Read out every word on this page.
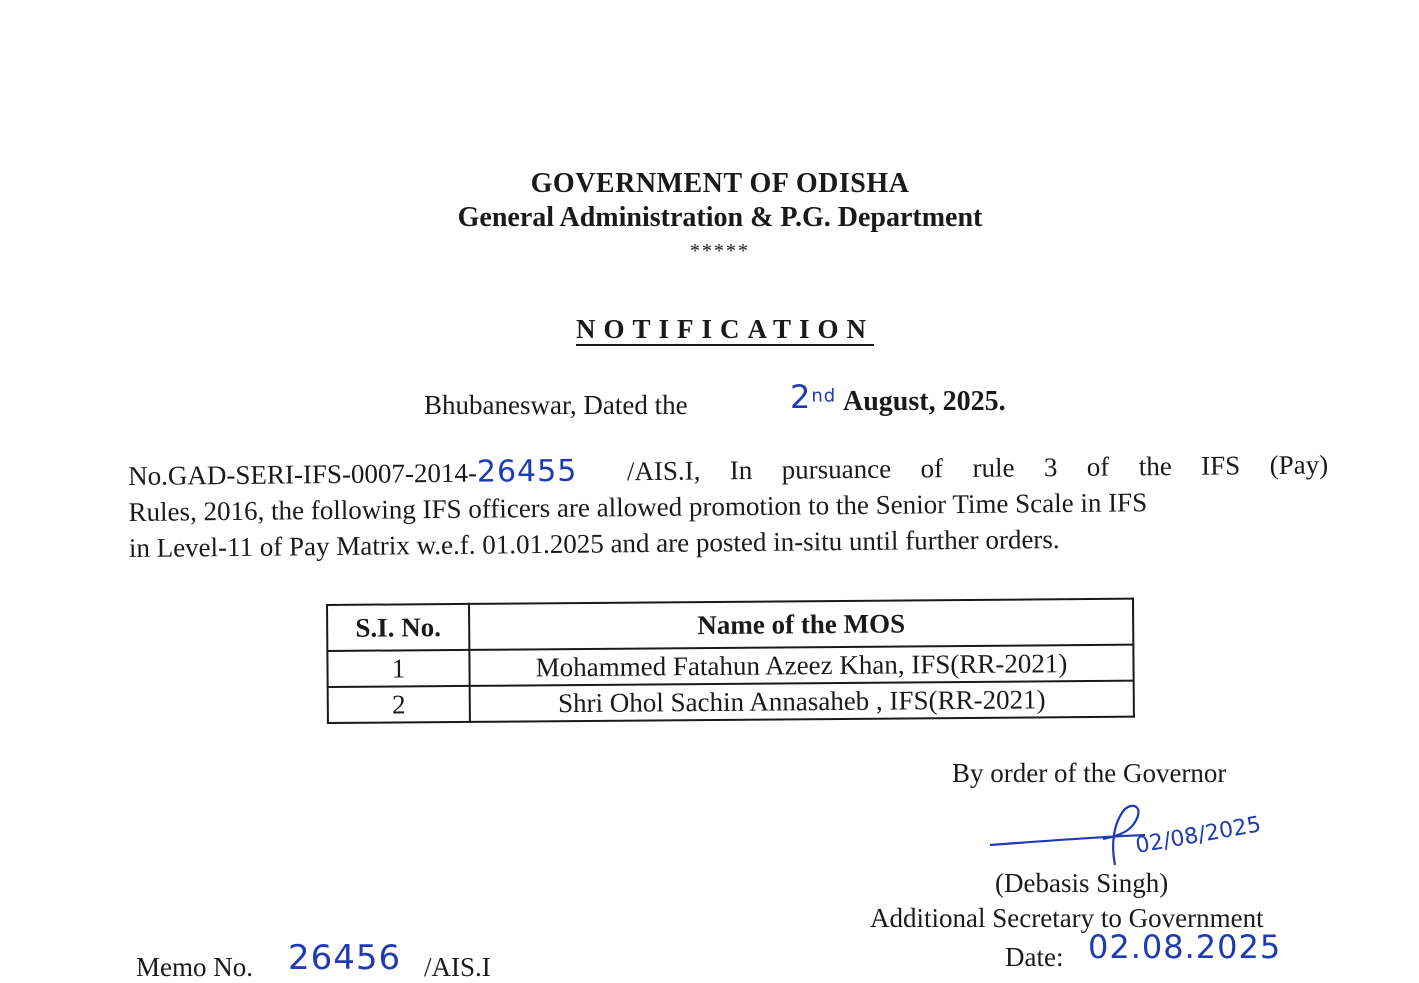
GOVERNMENT OF ODISHA
General Administration & P.G. Department
*****
NOTIFICATION
Bhubaneswar, Dated the	2nd August, 2025.
No.GAD-SERI-IFS-0007-2014-26455 /AIS.I, In pursuance of rule 3 of the IFS (Pay)
Rules, 2016, the following IFS officers are allowed promotion to the Senior Time Scale in IFS
in Level-11 of Pay Matrix w.e.f. 01.01.2025 and are posted in-situ until further orders.
S.I. No.	Name of the MOS
1	Mohammed Fatahun Azeez Khan, IFS(RR-2021)
2	Shri Ohol Sachin Annasaheb , IFS(RR-2021)
By order of the Governor
02/08/2025
(Debasis Singh)
Additional Secretary to Government
Date: 02.08.2025
Memo No. 26456 /AIS.I
